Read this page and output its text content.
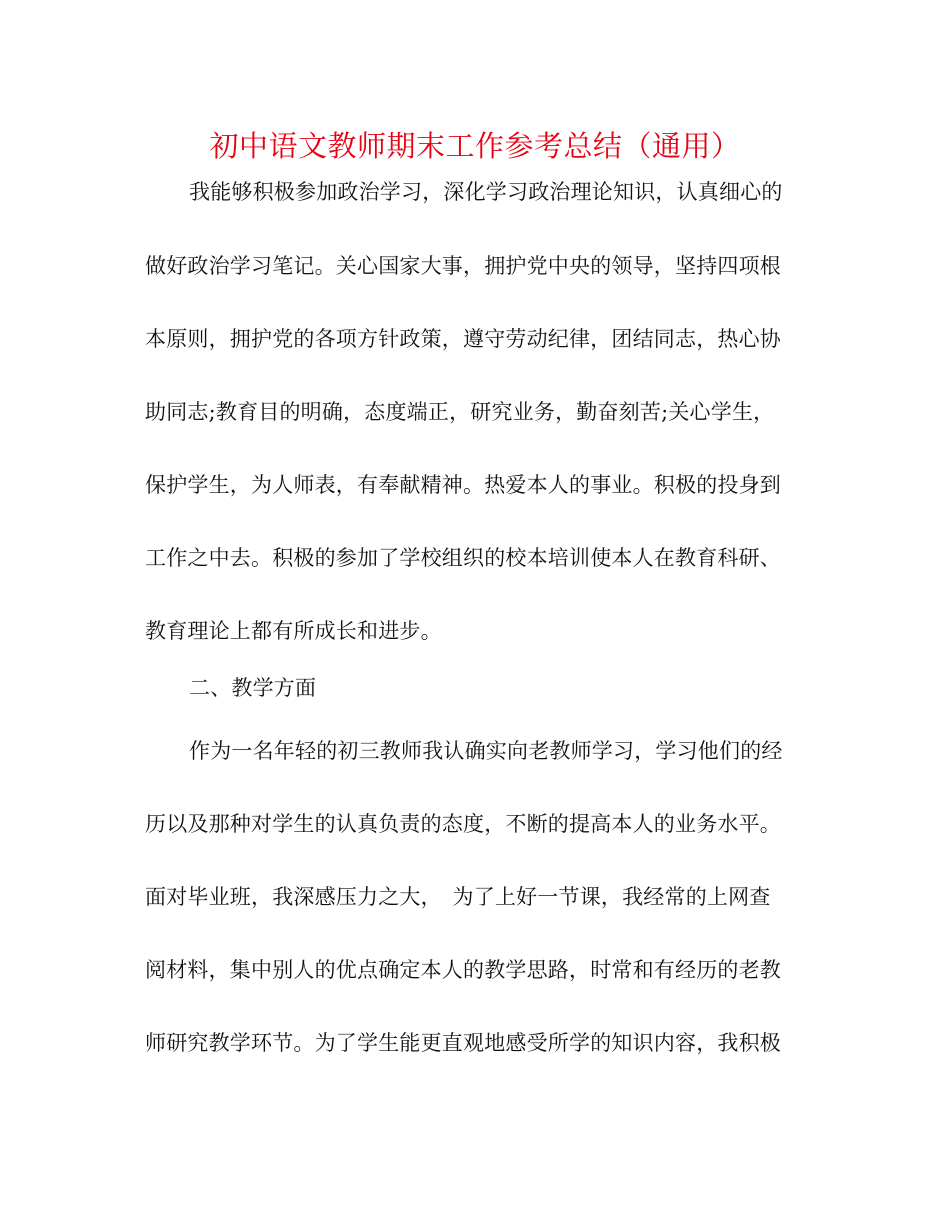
初中语文教师期末工作参考总结（通用）
我能够积极参加政治学习，深化学习政治理论知识，认真细心的
做好政治学习笔记。关心国家大事，拥护党中央的领导，坚持四项根
本原则，拥护党的各项方针政策，遵守劳动纪律，团结同志，热心协
助同志;教育目的明确，态度端正，研究业务，勤奋刻苦;关心学生，
保护学生，为人师表，有奉献精神。热爱本人的事业。积极的投身到
工作之中去。积极的参加了学校组织的校本培训使本人在教育科研、
教育理论上都有所成长和进步。
二、教学方面
作为一名年轻的初三教师我认确实向老教师学习，学习他们的经
历以及那种对学生的认真负责的态度，不断的提高本人的业务水平。
面对毕业班，我深感压力之大，　为了上好一节课，我经常的上网查
阅材料，集中别人的优点确定本人的教学思路，时常和有经历的老教
师研究教学环节。为了学生能更直观地感受所学的知识内容，我积极
